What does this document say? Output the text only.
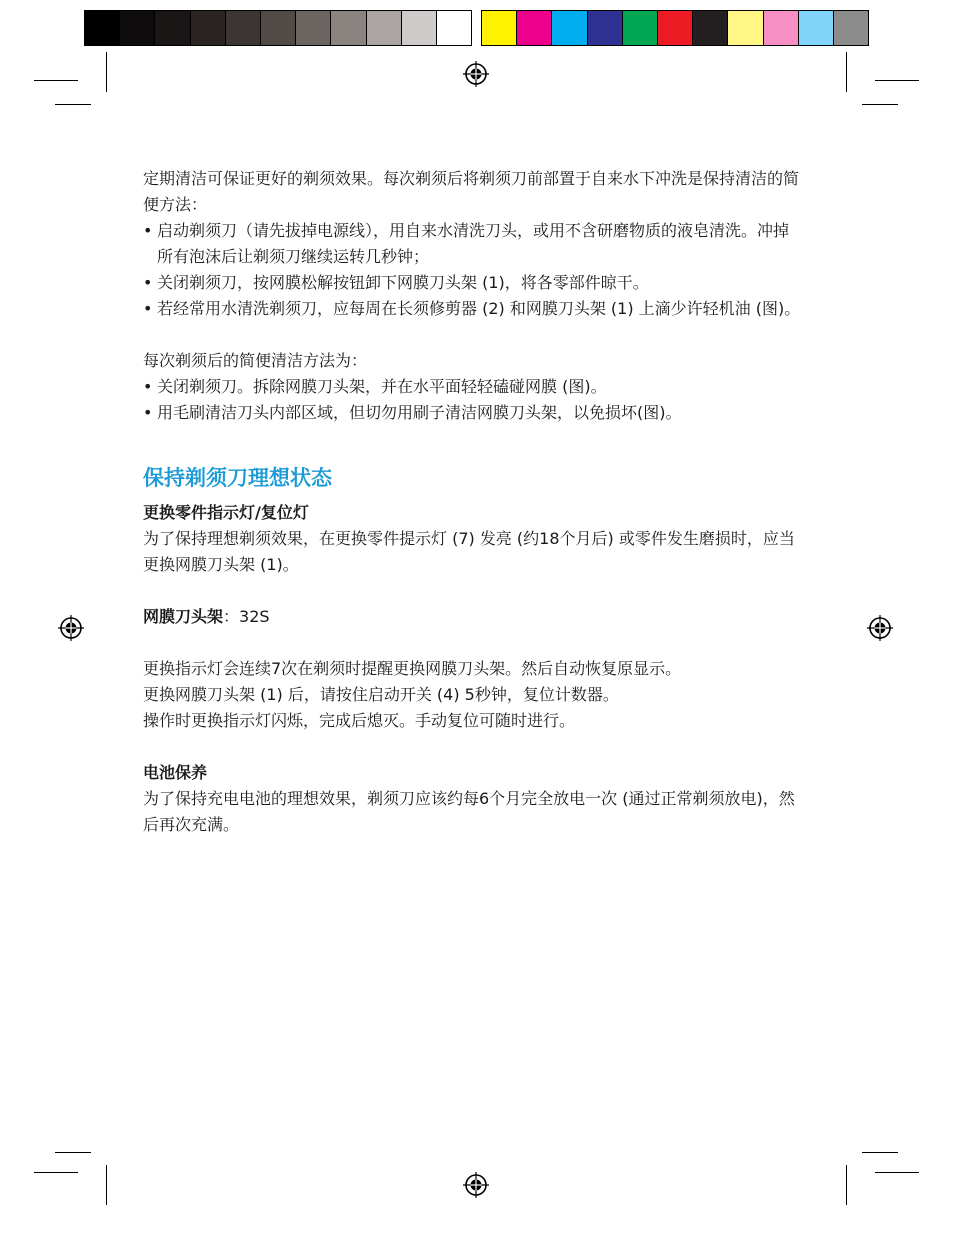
定期清洁可保证更好的剃须效果。每次剃须后将剃须刀前部置于自来水下冲洗是保持清洁的简便方法：

• 启动剃须刀（请先拔掉电源线），用自来水清洗刀头，或用不含研磨物质的液皂清洗。冲掉所有泡沫后让剃须刀继续运转几秒钟；
• 关闭剃须刀，按网膜松解按钮卸下网膜刀头架 (1)，将各零部件晾干。
• 若经常用水清洗剃须刀，应每周在长须修剪器 (2) 和网膜刀头架 (1) 上滴少许轻机油 (图)。

每次剃须后的简便清洁方法为：

• 关闭剃须刀。拆除网膜刀头架，并在水平面轻轻磕碰网膜 (图)。
• 用毛刷清洁刀头内部区域，但切勿用刷子清洁网膜刀头架，以免损坏(图)。
保持剃须刀理想状态

更换零件指示灯/复位灯

为了保持理想剃须效果，在更换零件提示灯 (7) 发亮 (约18个月后) 或零件发生磨损时，应当更换网膜刀头架 (1)。

网膜刀头架：32S

更换指示灯会连续7次在剃须时提醒更换网膜刀头架。然后自动恢复原显示。

更换网膜刀头架 (1) 后，请按住启动开关 (4) 5秒钟，复位计数器。

操作时更换指示灯闪烁，完成后熄灭。手动复位可随时进行。

电池保养

为了保持充电电池的理想效果，剃须刀应该约每6个月完全放电一次 (通过正常剃须放电)，然后再次充满。
